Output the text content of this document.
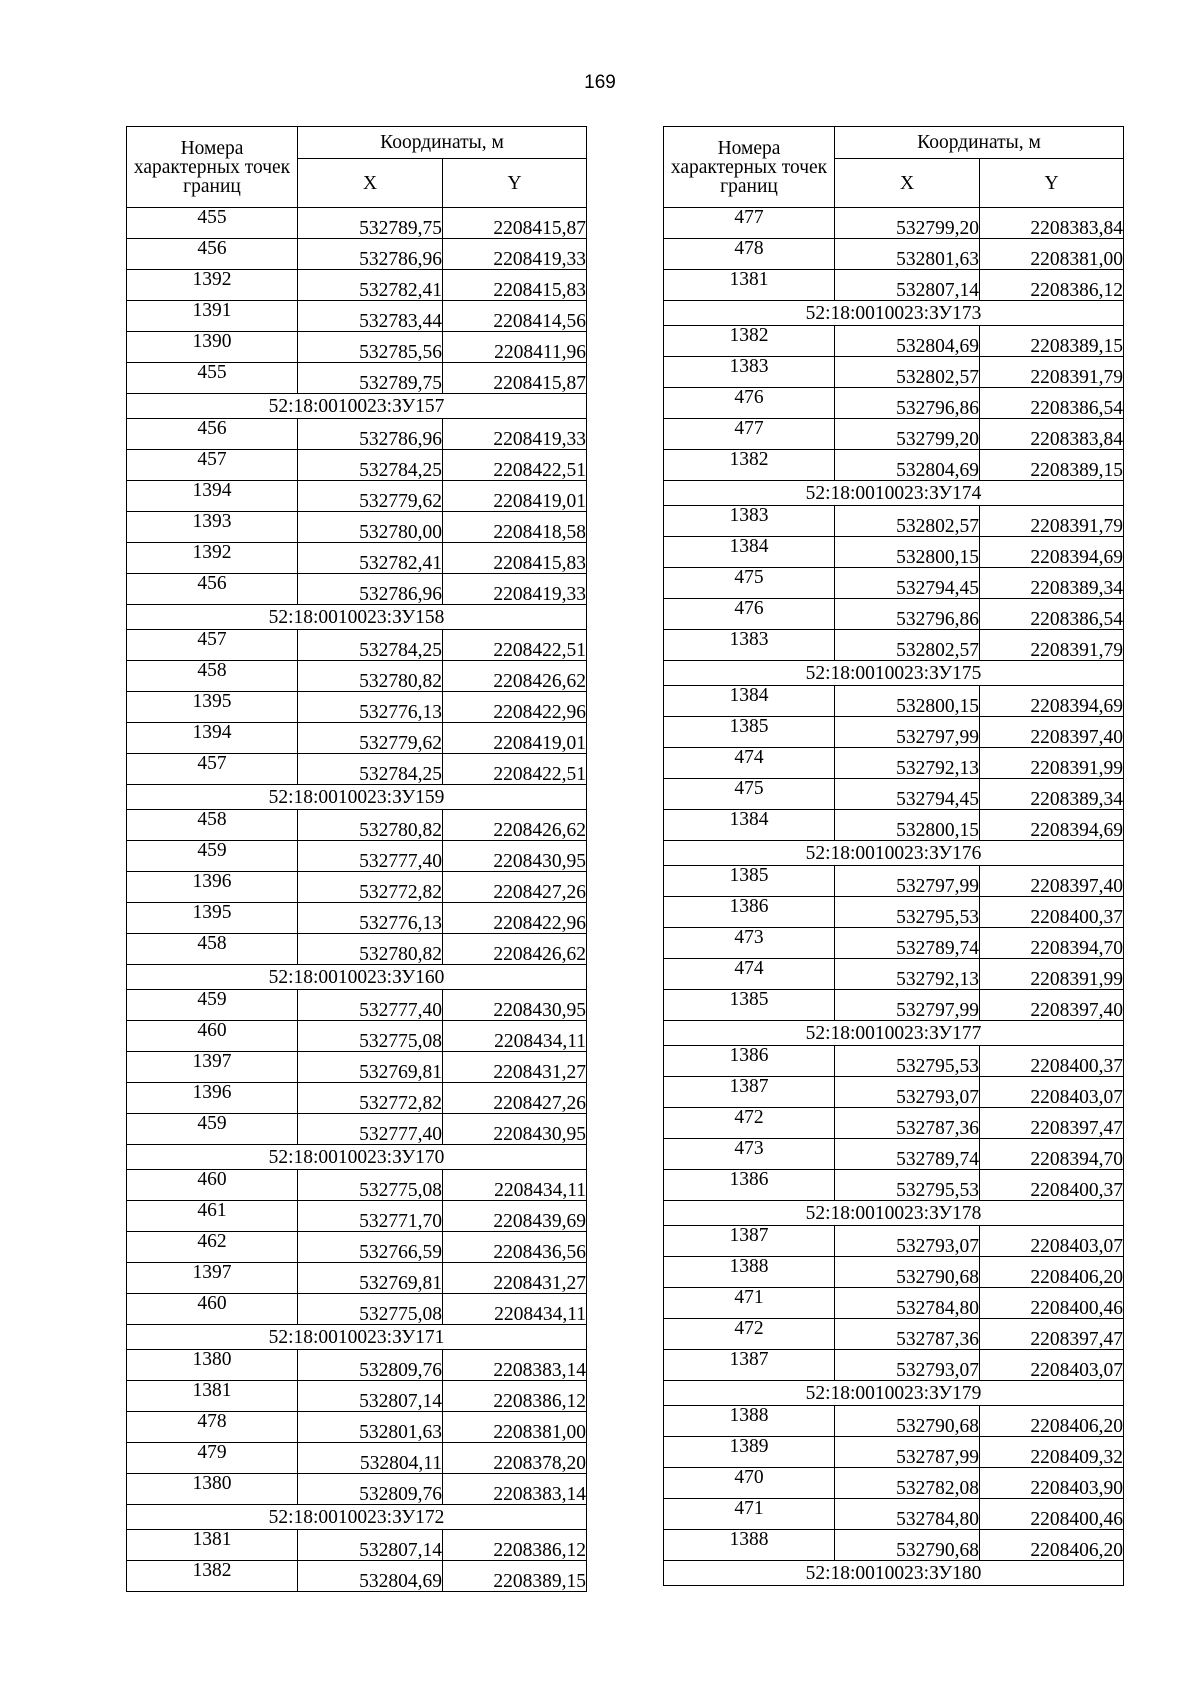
169
Номера характерных точек границ	Координаты, м	
	X	Y
455	532789,75	2208415,87
456	532786,96	2208419,33
1392	532782,41	2208415,83
1391	532783,44	2208414,56
1390	532785,56	2208411,96
455	532789,75	2208415,87
52:18:0010023:ЗУ157		
456	532786,96	2208419,33
457	532784,25	2208422,51
1394	532779,62	2208419,01
1393	532780,00	2208418,58
1392	532782,41	2208415,83
456	532786,96	2208419,33
52:18:0010023:ЗУ158		
457	532784,25	2208422,51
458	532780,82	2208426,62
1395	532776,13	2208422,96
1394	532779,62	2208419,01
457	532784,25	2208422,51
52:18:0010023:ЗУ159		
458	532780,82	2208426,62
459	532777,40	2208430,95
1396	532772,82	2208427,26
1395	532776,13	2208422,96
458	532780,82	2208426,62
52:18:0010023:ЗУ160		
459	532777,40	2208430,95
460	532775,08	2208434,11
1397	532769,81	2208431,27
1396	532772,82	2208427,26
459	532777,40	2208430,95
52:18:0010023:ЗУ170		
460	532775,08	2208434,11
461	532771,70	2208439,69
462	532766,59	2208436,56
1397	532769,81	2208431,27
460	532775,08	2208434,11
52:18:0010023:ЗУ171		
1380	532809,76	2208383,14
1381	532807,14	2208386,12
478	532801,63	2208381,00
479	532804,11	2208378,20
1380	532809,76	2208383,14
52:18:0010023:ЗУ172		
1381	532807,14	2208386,12
1382	532804,69	2208389,15
Номера характерных точек границ	Координаты, м	
	X	Y
477	532799,20	2208383,84
478	532801,63	2208381,00
1381	532807,14	2208386,12
52:18:0010023:ЗУ173		
1382	532804,69	2208389,15
1383	532802,57	2208391,79
476	532796,86	2208386,54
477	532799,20	2208383,84
1382	532804,69	2208389,15
52:18:0010023:ЗУ174		
1383	532802,57	2208391,79
1384	532800,15	2208394,69
475	532794,45	2208389,34
476	532796,86	2208386,54
1383	532802,57	2208391,79
52:18:0010023:ЗУ175		
1384	532800,15	2208394,69
1385	532797,99	2208397,40
474	532792,13	2208391,99
475	532794,45	2208389,34
1384	532800,15	2208394,69
52:18:0010023:ЗУ176		
1385	532797,99	2208397,40
1386	532795,53	2208400,37
473	532789,74	2208394,70
474	532792,13	2208391,99
1385	532797,99	2208397,40
52:18:0010023:ЗУ177		
1386	532795,53	2208400,37
1387	532793,07	2208403,07
472	532787,36	2208397,47
473	532789,74	2208394,70
1386	532795,53	2208400,37
52:18:0010023:ЗУ178		
1387	532793,07	2208403,07
1388	532790,68	2208406,20
471	532784,80	2208400,46
472	532787,36	2208397,47
1387	532793,07	2208403,07
52:18:0010023:ЗУ179		
1388	532790,68	2208406,20
1389	532787,99	2208409,32
470	532782,08	2208403,90
471	532784,80	2208400,46
1388	532790,68	2208406,20
52:18:0010023:ЗУ180		
